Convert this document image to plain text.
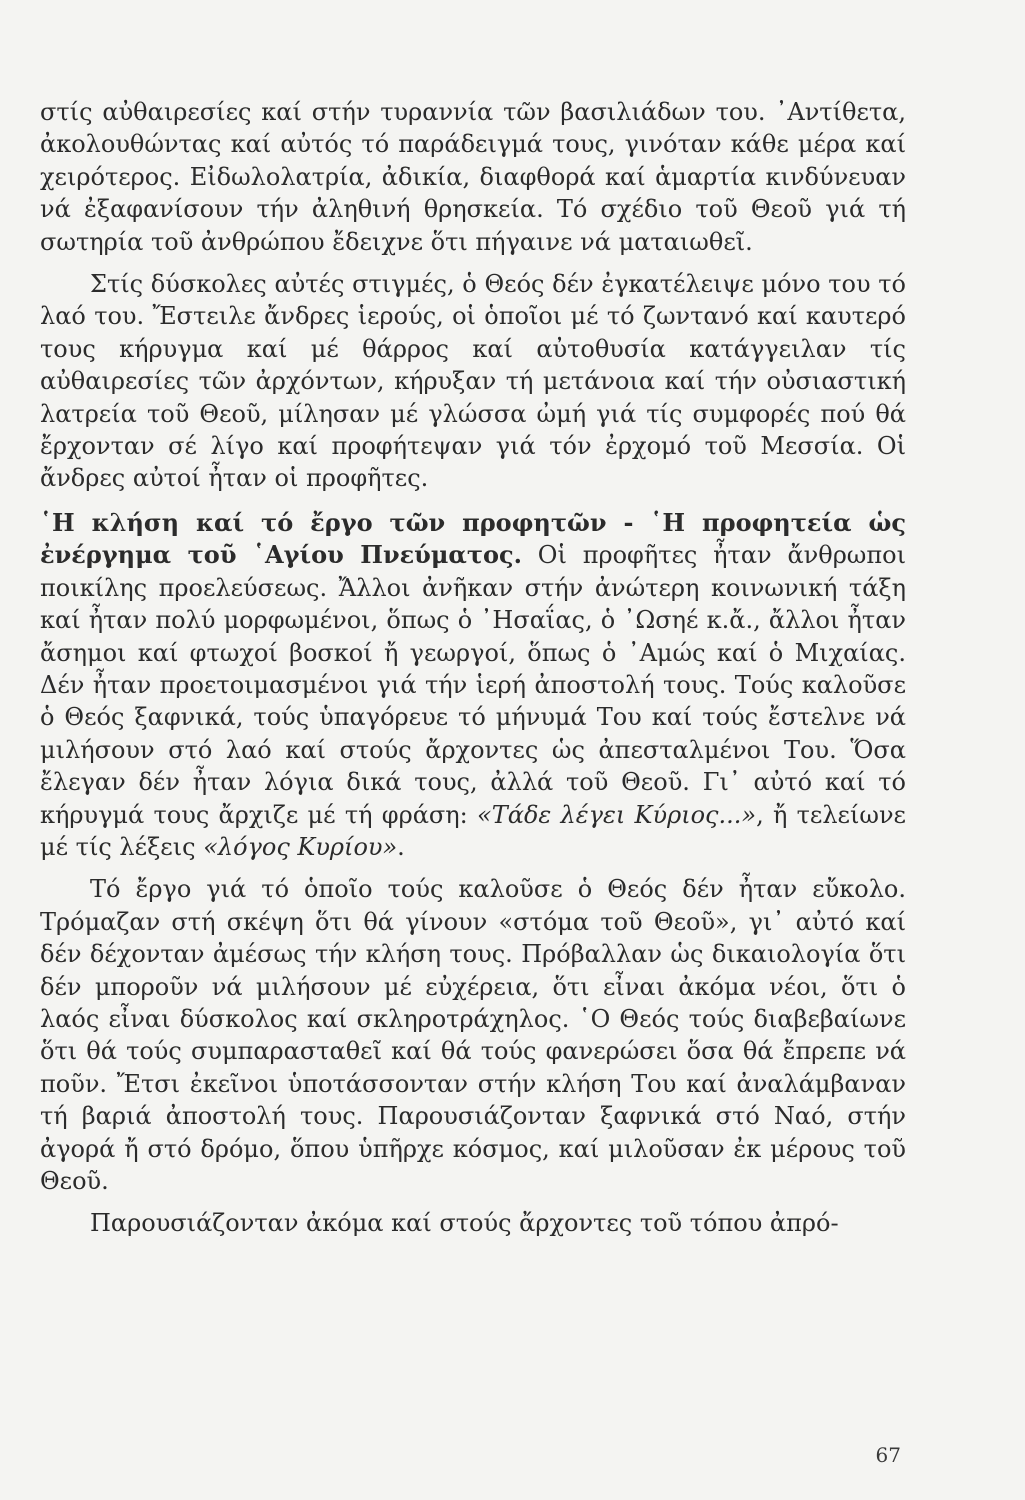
στίς αὐθαιρεσίες καί στήν τυραννία τῶν βασιλιάδων του. ᾿Αντίθετα, ἀκολουθώντας καί αὐτός τό παράδειγμά τους, γινόταν κάθε μέρα καί χειρότερος. Εἰδωλολατρία, ἀδικία, διαφθορά καί ἁμαρτία κινδύνευαν νά ἐξαφανίσουν τήν ἀληθινή θρησκεία. Τό σχέδιο τοῦ Θεοῦ γιά τή σωτηρία τοῦ ἀνθρώπου ἔδειχνε ὅτι πήγαινε νά ματαιωθεῖ.

Στίς δύσκολες αὐτές στιγμές, ὁ Θεός δέν ἐγκατέλειψε μόνο του τό λαό του. Ἔστειλε ἄνδρες ἱερούς, οἱ ὁποῖοι μέ τό ζωντανό καί καυτερό τους κήρυγμα καί μέ θάρρος καί αὐτοθυσία κατάγγειλαν τίς αὐθαιρεσίες τῶν ἀρχόντων, κήρυξαν τή μετάνοια καί τήν οὐσιαστική λατρεία τοῦ Θεοῦ, μίλησαν μέ γλώσσα ὠμή γιά τίς συμφορές πού θά ἔρχονταν σέ λίγο καί προφήτεψαν γιά τόν ἐρχομό τοῦ Μεσσία. Οἱ ἄνδρες αὐτοί ἦταν οἱ προφῆτες.

῾Η κλήση καί τό ἔργο τῶν προφητῶν - ῾Η προφητεία ὡς ἐνέργημα τοῦ ῾Αγίου Πνεύματος. Οἱ προφῆτες ἦταν ἄνθρωποι ποικίλης προελεύσεως. Ἄλλοι ἀνῆκαν στήν ἀνώτερη κοινωνική τάξη καί ἦταν πολύ μορφωμένοι, ὅπως ὁ ᾿Ησαΐας, ὁ ᾿Ωσηέ κ.ἄ., ἄλλοι ἦταν ἄσημοι καί φτωχοί βοσκοί ἤ γεωργοί, ὅπως ὁ ᾿Αμώς καί ὁ Μιχαίας. Δέν ἦταν προετοιμασμένοι γιά τήν ἱερή ἀποστολή τους. Τούς καλοῦσε ὁ Θεός ξαφνικά, τούς ὑπαγόρευε τό μήνυμά Του καί τούς ἔστελνε νά μιλήσουν στό λαό καί στούς ἄρχοντες ὡς ἀπεσταλμένοι Του. Ὅσα ἔλεγαν δέν ἦταν λόγια δικά τους, ἀλλά τοῦ Θεοῦ. Γι᾿ αὐτό καί τό κήρυγμά τους ἄρχιζε μέ τή φράση: «Τάδε λέγει Κύριος...», ἤ τελείωνε μέ τίς λέξεις «λόγος Κυρίου».

Τό ἔργο γιά τό ὁποῖο τούς καλοῦσε ὁ Θεός δέν ἦταν εὔκολο. Τρόμαζαν στή σκέψη ὅτι θά γίνουν «στόμα τοῦ Θεοῦ», γι᾿ αὐτό καί δέν δέχονταν ἀμέσως τήν κλήση τους. Πρόβαλλαν ὡς δικαιολογία ὅτι δέν μποροῦν νά μιλήσουν μέ εὐχέρεια, ὅτι εἶναι ἀκόμα νέοι, ὅτι ὁ λαός εἶναι δύσκολος καί σκληροτράχηλος. ῾Ο Θεός τούς διαβεβαίωνε ὅτι θά τούς συμπαρασταθεῖ καί θά τούς φανερώσει ὅσα θά ἔπρεπε νά ποῦν. Ἔτσι ἐκεῖνοι ὑποτάσσονταν στήν κλήση Του καί ἀναλάμβαναν τή βαριά ἀποστολή τους. Παρουσιάζονταν ξαφνικά στό Ναό, στήν ἀγορά ἤ στό δρόμο, ὅπου ὑπῆρχε κόσμος, καί μιλοῦσαν ἐκ μέρους τοῦ Θεοῦ.

Παρουσιάζονταν ἀκόμα καί στούς ἄρχοντες τοῦ τόπου ἀπρό-

67
